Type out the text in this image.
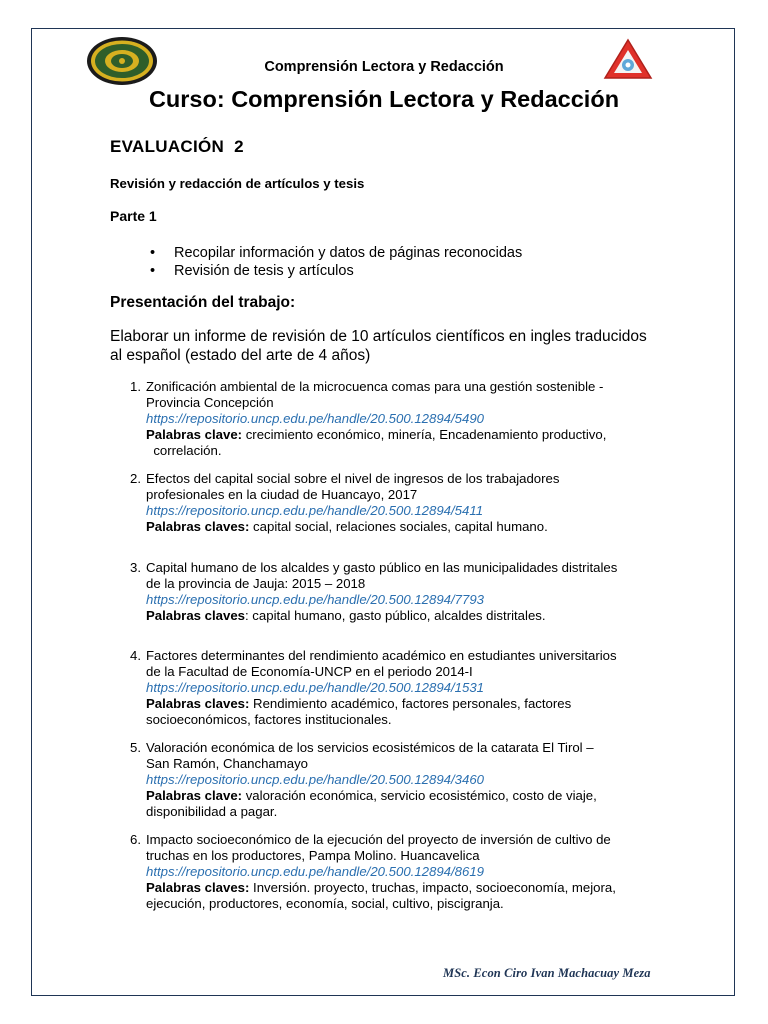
Comprensión Lectora y Redacción
Curso: Comprensión Lectora y Redacción
EVALUACIÓN  2
Revisión y redacción de artículos y tesis
Parte 1
• Recopilar información y datos de páginas reconocidas
• Revisión de tesis y artículos
Presentación del trabajo:
Elaborar un informe de revisión de 10 artículos científicos en ingles traducidos
al español (estado del arte de 4 años)
1. Zonificación ambiental de la microcuenca comas para una gestión sostenible -
Provincia Concepción
https://repositorio.uncp.edu.pe/handle/20.500.12894/5490
Palabras clave: crecimiento económico, minería, Encadenamiento productivo,
correlación.
2. Efectos del capital social sobre el nivel de ingresos de los trabajadores
profesionales en la ciudad de Huancayo, 2017
https://repositorio.uncp.edu.pe/handle/20.500.12894/5411
Palabras claves: capital social, relaciones sociales, capital humano.
3. Capital humano de los alcaldes y gasto público en las municipalidades distritales
de la provincia de Jauja: 2015 – 2018
https://repositorio.uncp.edu.pe/handle/20.500.12894/7793
Palabras claves: capital humano, gasto público, alcaldes distritales.
4. Factores determinantes del rendimiento académico en estudiantes universitarios
de la Facultad de Economía-UNCP en el periodo 2014-I
https://repositorio.uncp.edu.pe/handle/20.500.12894/1531
Palabras claves: Rendimiento académico, factores personales, factores
socioeconómicos, factores institucionales.
5. Valoración económica de los servicios ecosistémicos de la catarata El Tirol –
San Ramón, Chanchamayo
https://repositorio.uncp.edu.pe/handle/20.500.12894/3460
Palabras clave: valoración económica, servicio ecosistémico, costo de viaje,
disponibilidad a pagar.
6. Impacto socioeconómico de la ejecución del proyecto de inversión de cultivo de
truchas en los productores, Pampa Molino. Huancavelica
https://repositorio.uncp.edu.pe/handle/20.500.12894/8619
Palabras claves: Inversión. proyecto, truchas, impacto, socioeconomía, mejora,
ejecución, productores, economía, social, cultivo, piscigranja.
MSc. Econ Ciro Ivan Machacuay Meza
